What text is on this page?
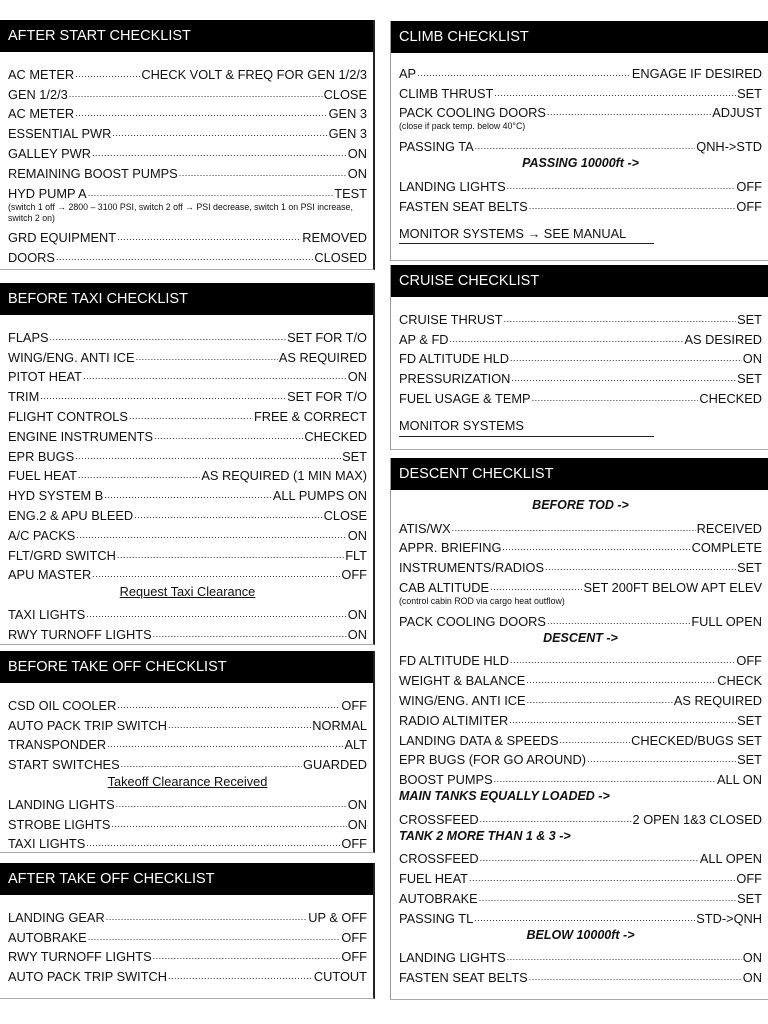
AFTER START CHECKLIST
AC METER .....	CHECK VOLT & FREQ FOR GEN 1/2/3
GEN 1/2/3 .....	CLOSE
AC METER .....	GEN 3
ESSENTIAL PWR .....	GEN 3
GALLEY PWR .....	ON
REMAINING BOOST PUMPS .....	ON
HYD PUMP A .....	TEST
(switch 1 off → 2800 – 3100 PSI, switch 2 off → PSI decrease, switch 1 on PSI increase, switch 2 on)
GRD EQUIPMENT .....	REMOVED
DOORS .....	CLOSED
BEFORE TAXI CHECKLIST
FLAPS .....	SET FOR T/O
WING/ENG. ANTI ICE .....	AS REQUIRED
PITOT HEAT .....	ON
TRIM .....	SET FOR T/O
FLIGHT CONTROLS .....	FREE & CORRECT
ENGINE INSTRUMENTS .....	CHECKED
EPR BUGS .....	SET
FUEL HEAT .....	AS REQUIRED (1 MIN MAX)
HYD SYSTEM B .....	ALL PUMPS ON
ENG.2 & APU BLEED .....	CLOSE
A/C PACKS .....	ON
FLT/GRD SWITCH .....	FLT
APU MASTER .....	OFF
Request Taxi Clearance
TAXI LIGHTS .....	ON
RWY TURNOFF LIGHTS .....	ON
BEFORE TAKE OFF CHECKLIST
CSD OIL COOLER .....	OFF
AUTO PACK TRIP SWITCH .....	NORMAL
TRANSPONDER .....	ALT
START SWITCHES .....	GUARDED
Takeoff Clearance Received
LANDING LIGHTS .....	ON
STROBE LIGHTS .....	ON
TAXI LIGHTS .....	OFF
AFTER TAKE OFF CHECKLIST
LANDING GEAR .....	UP & OFF
AUTOBRAKE .....	OFF
RWY TURNOFF LIGHTS .....	OFF
AUTO PACK TRIP SWITCH .....	CUTOUT
CLIMB CHECKLIST
AP .....	ENGAGE IF DESIRED
CLIMB THRUST .....	SET
PACK COOLING DOORS .....	ADJUST
(close if pack temp. below 40°C)
PASSING TA .....	QNH->STD
PASSING 10000ft ->
LANDING LIGHTS .....	OFF
FASTEN SEAT BELTS .....	OFF
MONITOR SYSTEMS → SEE MANUAL
CRUISE CHECKLIST
CRUISE THRUST .....	SET
AP & FD .....	AS DESIRED
FD ALTITUDE HLD .....	ON
PRESSURIZATION .....	SET
FUEL USAGE & TEMP .....	CHECKED
MONITOR SYSTEMS
DESCENT CHECKLIST
BEFORE TOD ->
ATIS/WX .....	RECEIVED
APPR. BRIEFING .....	COMPLETE
INSTRUMENTS/RADIOS .....	SET
CAB ALTITUDE .....	SET 200FT BELOW APT ELEV
(control cabin ROD via cargo heat outflow)
PACK COOLING DOORS .....	FULL OPEN
DESCENT ->
FD ALTITUDE HLD .....	OFF
WEIGHT & BALANCE .....	CHECK
WING/ENG. ANTI ICE .....	AS REQUIRED
RADIO ALTIMITER .....	SET
LANDING DATA & SPEEDS .....	CHECKED/BUGS SET
EPR BUGS (FOR GO AROUND) .....	SET
BOOST PUMPS .....	ALL ON
MAIN TANKS EQUALLY LOADED ->
CROSSFEED .....	2 OPEN 1&3 CLOSED
TANK 2 MORE THAN 1 & 3 ->
CROSSFEED .....	ALL OPEN
FUEL HEAT .....	OFF
AUTOBRAKE .....	SET
PASSING TL .....	STD->QNH
BELOW 10000ft ->
LANDING LIGHTS .....	ON
FASTEN SEAT BELTS .....	ON
